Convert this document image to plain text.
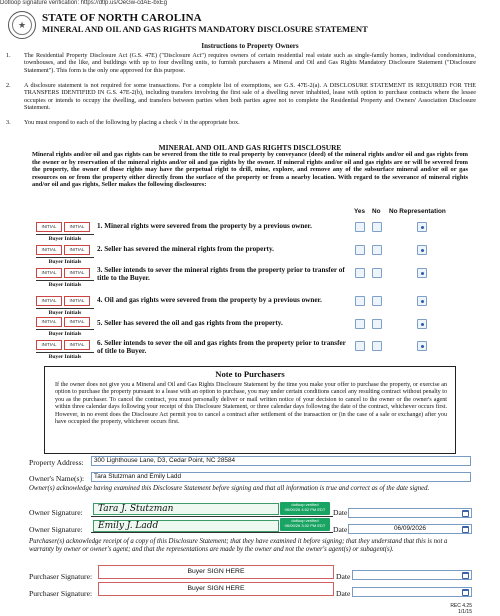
Dotloop signature verification: https://dtlp.us/OeGw-cdAE-bxEg
★
STATE OF NORTH CAROLINA
MINERAL AND OIL AND GAS RIGHTS MANDATORY DISCLOSURE STATEMENT
Instructions to Property Owners
1.	The Residential Property Disclosure Act (G.S. 47E) ("Disclosure Act") requires owners of certain residential real estate such as single-family homes, individual condominiums, townhouses, and the like, and buildings with up to four dwelling units, to furnish purchasers a Mineral and Oil and Gas Rights Mandatory Disclosure Statement ("Disclosure Statement"). This form is the only one approved for this purpose.
2.	A disclosure statement is not required for some transactions. For a complete list of exemptions, see G.S. 47E-2(a). A DISCLOSURE STATEMENT IS REQUIRED FOR THE TRANSFERS IDENTIFIED IN G.S. 47E-2(b), including transfers involving the first sale of a dwelling never inhabited, lease with option to purchase contracts where the lessee occupies or intends to occupy the dwelling, and transfers between parties when both parties agree not to complete the Residential Property and Owners' Association Disclosure Statement.
3.	You must respond to each of the following by placing a check √ in the appropriate box.
MINERAL AND OIL AND GAS RIGHTS DISCLOSURE
Mineral rights and/or oil and gas rights can be severed from the title to real property by conveyance (deed) of the mineral rights and/or oil and gas rights from the owner or by reservation of the mineral rights and/or oil and gas rights by the owner. If mineral rights and/or oil and gas rights are or will be severed from the property, the owner of those rights may have the perpetual right to drill, mine, explore, and remove any of the subsurface mineral and/or oil or gas resources on or from the property either directly from the surface of the property or from a nearby location. With regard to the severance of mineral rights and/or oil and gas rights, Seller makes the following disclosures:
Yes No No Representation
INITIAL	INITIAL
Buyer Initials
1. Mineral rights were severed from the property by a previous owner.
INITIAL	INITIAL
Buyer Initials
2. Seller has severed the mineral rights from the property.
INITIAL	INITIAL
Buyer Initials
3. Seller intends to sever the mineral rights from the property prior to transfer of title to the Buyer.
INITIAL	INITIAL
Buyer Initials
4. Oil and gas rights were severed from the property by a previous owner.
INITIAL	INITIAL
Buyer Initials
5. Seller has severed the oil and gas rights from the property.
INITIAL	INITIAL
Buyer Initials
6. Seller intends to sever the oil and gas rights from the property prior to transfer of title to Buyer.
Note to Purchasers
If the owner does not give you a Mineral and Oil and Gas Rights Disclosure Statement by the time you make your offer to purchase the property, or exercise an option to purchase the property pursuant to a lease with an option to purchase, you may under certain conditions cancel any resulting contract without penalty to you as the purchaser. To cancel the contract, you must personally deliver or mail written notice of your decision to cancel to the owner or the owner's agent within three calendar days following your receipt of this Disclosure Statement, or three calendar days following the date of the contract, whichever occurs first. However, in no event does the Disclosure Act permit you to cancel a contract after settlement of the transaction or (in the case of a sale or exchange) after you have occupied the property, whichever occurs first.
Property Address:	300 Lighthouse Lane, D3, Cedar Point, NC 28584
Owner's Name(s):	Tara Stutzman and Emily Ladd
Owner(s) acknowledge having examined this Disclosure Statement before signing and that all information is true and correct as of the date signed.
Owner Signature:	Tara J. Stutzman	dotloop verified
06/09/26 4:52 PM EDT	Date
Owner Signature:	Emily J. Ladd
dotloop verified
06/09/26 3:32 PM EDT	Date	06/09/2026
Purchaser(s) acknowledge receipt of a copy of this Disclosure Statement; that they have examined it before signing; that they understand that this is not a warranty by owner or owner's agent; and that the representations are made by the owner and not the owner's agent(s) or subagent(s).
Purchaser Signature:
Buyer SIGN HERE
Date
Purchaser Signature:
Buyer SIGN HERE
Date
REC 4.25
1/1/15
